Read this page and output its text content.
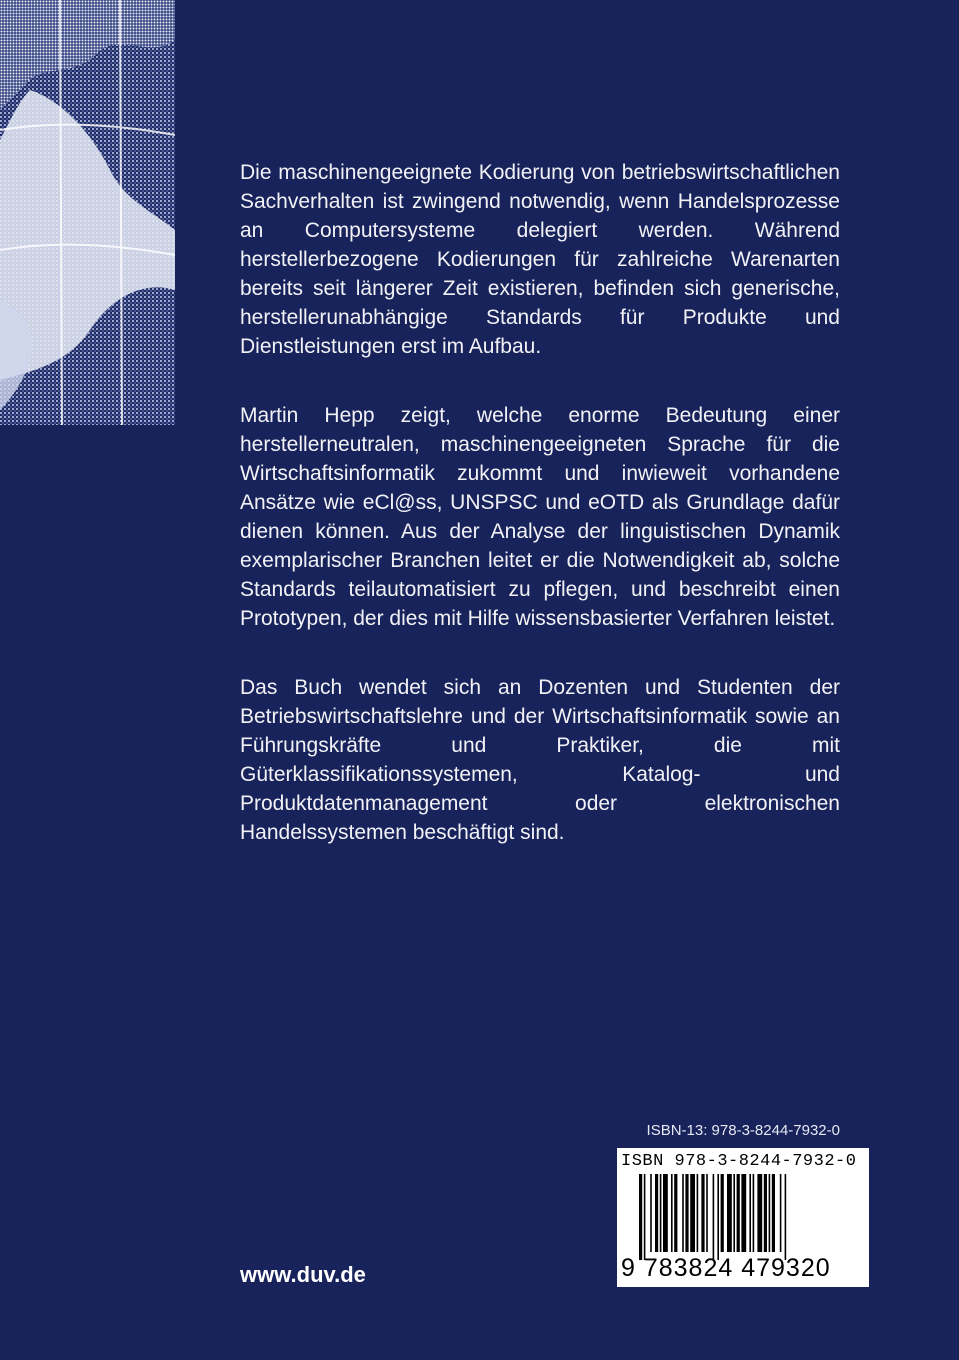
Die maschinengeeignete Kodierung von betriebswirtschaftlichen Sachverhalten ist zwingend notwendig, wenn Handelsprozesse an Computersysteme delegiert werden. Während herstellerbezogene Kodierungen für zahlreiche Warenarten bereits seit längerer Zeit existieren, befinden sich generische, herstellerunabhängige Standards für Produkte und Dienstleistungen erst im Aufbau.

Martin Hepp zeigt, welche enorme Bedeutung einer herstellerneutralen, maschinengeeigneten Sprache für die Wirtschaftsinformatik zukommt und inwieweit vorhandene Ansätze wie eCl@ss, UNSPSC und eOTD als Grundlage dafür dienen können. Aus der Analyse der linguistischen Dynamik exemplarischer Branchen leitet er die Notwendigkeit ab, solche Standards teilautomatisiert zu pflegen, und beschreibt einen Prototypen, der dies mit Hilfe wissensbasierter Verfahren leistet.

Das Buch wendet sich an Dozenten und Studenten der Betriebswirtschaftslehre und der Wirtschaftsinformatik sowie an Führungskräfte und Praktiker, die mit Güterklassifikationssystemen, Katalog- und Produktdatenmanagement oder elektronischen Handelssystemen beschäftigt sind.

ISBN-13: 978-3-8244-7932-0
ISBN 978-3-8244-7932-0
9 783824 479320
www.duv.de
